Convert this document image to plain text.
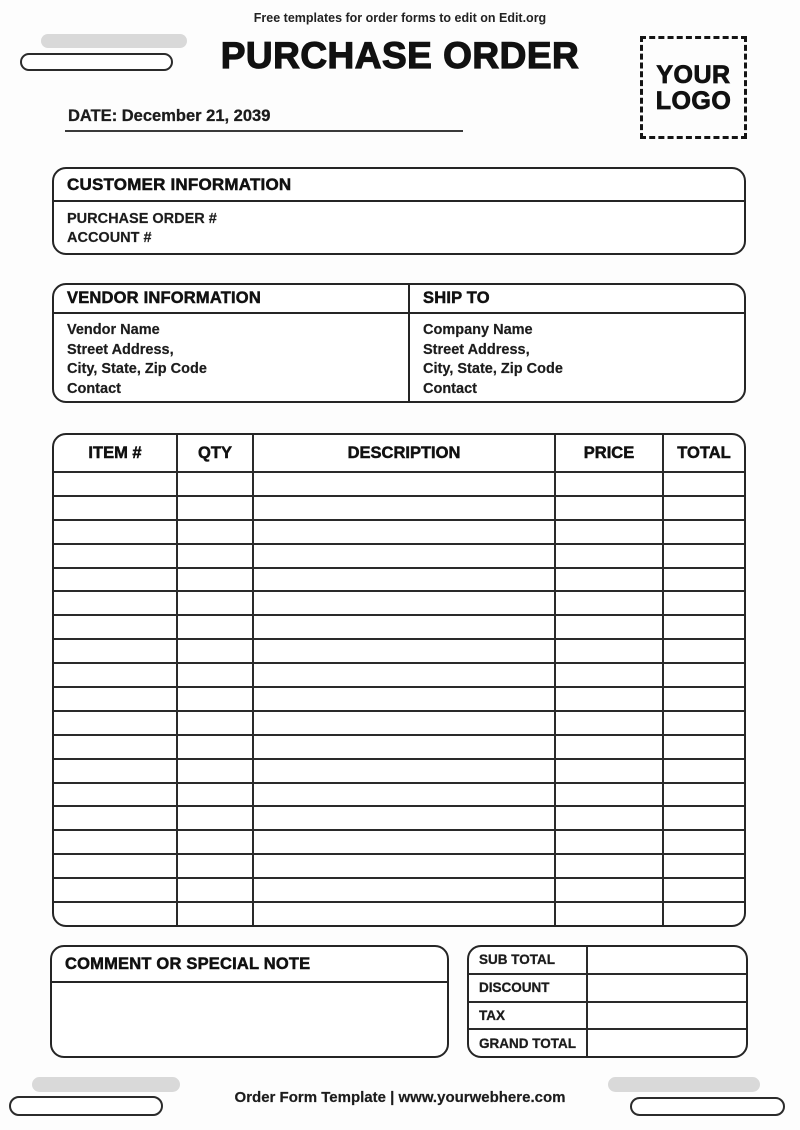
Free templates for order forms to edit on Edit.org
PURCHASE ORDER	YOUR
LOGO
DATE: December 21, 2039
CUSTOMER INFORMATION
PURCHASE ORDER #
ACCOUNT #
VENDOR INFORMATION
Vendor Name
Street Address,
City, State, Zip Code
Contact
SHIP TO
Company Name
Street Address,
City, State, Zip Code
Contact
ITEM #	QTY	DESCRIPTION	PRICE	TOTAL
COMMENT OR SPECIAL NOTE	SUB TOTAL
DISCOUNT
TAX
GRAND TOTAL
Order Form Template | www.yourwebhere.com
